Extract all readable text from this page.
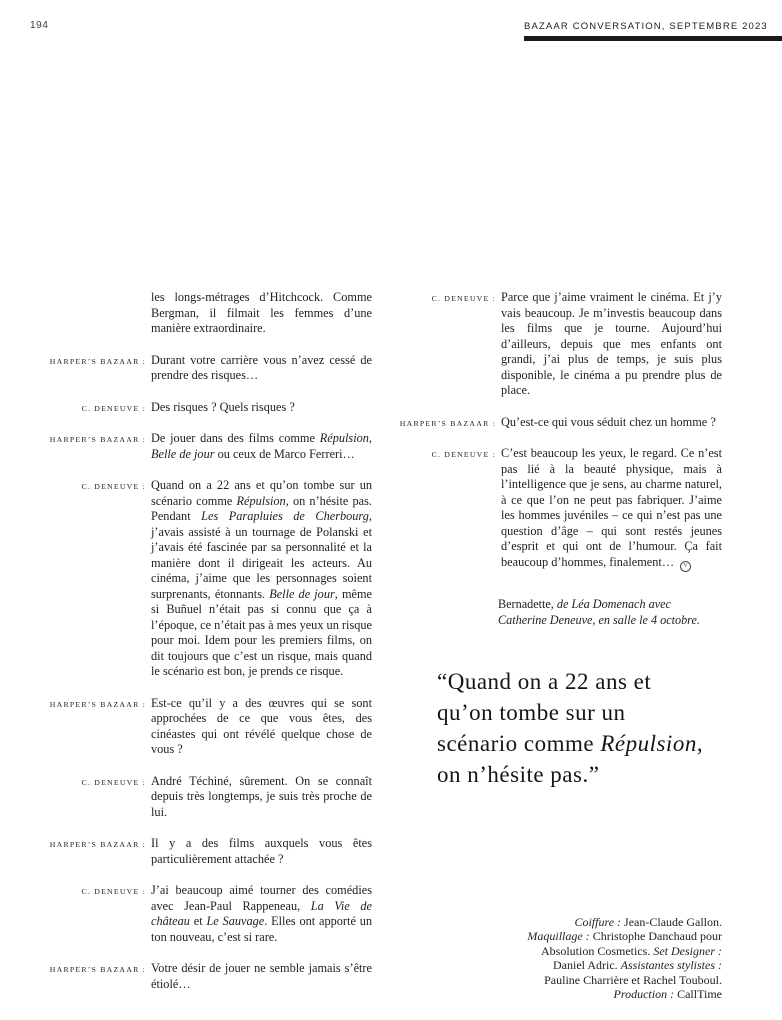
194	BAZAAR CONVERSATION, SEPTEMBRE 2023
les longs-métrages d’Hitchcock. Comme Bergman, il filmait les femmes d’une manière extraordinaire.
HARPER’S BAZAAR : Durant votre carrière vous n’avez cessé de prendre des risques…
C. DENEUVE : Des risques ? Quels risques ?
HARPER’S BAZAAR : De jouer dans des films comme Répulsion, Belle de jour ou ceux de Marco Ferreri…
C. DENEUVE : Quand on a 22 ans et qu’on tombe sur un scénario comme Répulsion, on n’hésite pas. Pendant Les Parapluies de Cherbourg, j’avais assisté à un tournage de Polanski et j’avais été fascinée par sa personnalité et la manière dont il dirigeait les acteurs. Au cinéma, j’aime que les personnages soient surprenants, étonnants. Belle de jour, même si Buñuel n’était pas si connu que ça à l’époque, ce n’était pas à mes yeux un risque pour moi. Idem pour les premiers films, on dit toujours que c’est un risque, mais quand le scénario est bon, je prends ce risque.
HARPER’S BAZAAR : Est-ce qu’il y a des œuvres qui se sont approchées de ce que vous êtes, des cinéastes qui ont révélé quelque chose de vous ?
C. DENEUVE : André Téchiné, sûrement. On se connaît depuis très longtemps, je suis très proche de lui.
HARPER’S BAZAAR : Il y a des films auxquels vous êtes particulièrement attachée ?
C. DENEUVE : J’ai beaucoup aimé tourner des comédies avec Jean-Paul Rappeneau, La Vie de château et Le Sauvage. Elles ont apporté un ton nouveau, c’est si rare.
HARPER’S BAZAAR : Votre désir de jouer ne semble jamais s’être étiolé…
C. DENEUVE : Parce que j’aime vraiment le cinéma. Et j’y vais beaucoup. Je m’investis beaucoup dans les films que je tourne. Aujourd’hui d’ailleurs, depuis que mes enfants ont grandi, j’ai plus de temps, je suis plus disponible, le cinéma a pu prendre plus de place.
HARPER’S BAZAAR : Qu’est-ce qui vous séduit chez un homme ?
C. DENEUVE : C’est beaucoup les yeux, le regard. Ce n’est pas lié à la beauté physique, mais à l’intelligence que je sens, au charme naturel, à ce que l’on ne peut pas fabriquer. J’aime les hommes juvéniles – ce qui n’est pas une question d’âge – qui sont restés jeunes d’esprit et qui ont de l’humour. Ça fait beaucoup d’hommes, finalement… V
Bernadette, de Léa Domenach avec
Catherine Deneuve, en salle le 4 octobre.
“Quand on a 22 ans et
qu’on tombe sur un
scénario comme Répulsion,
on n’hésite pas.”
Coiffure : Jean-Claude Gallon.
Maquillage : Christophe Danchaud pour
Absolution Cosmetics. Set Designer :
Daniel Adric. Assistantes stylistes :
Pauline Charrière et Rachel Touboul.
Production : CallTime
